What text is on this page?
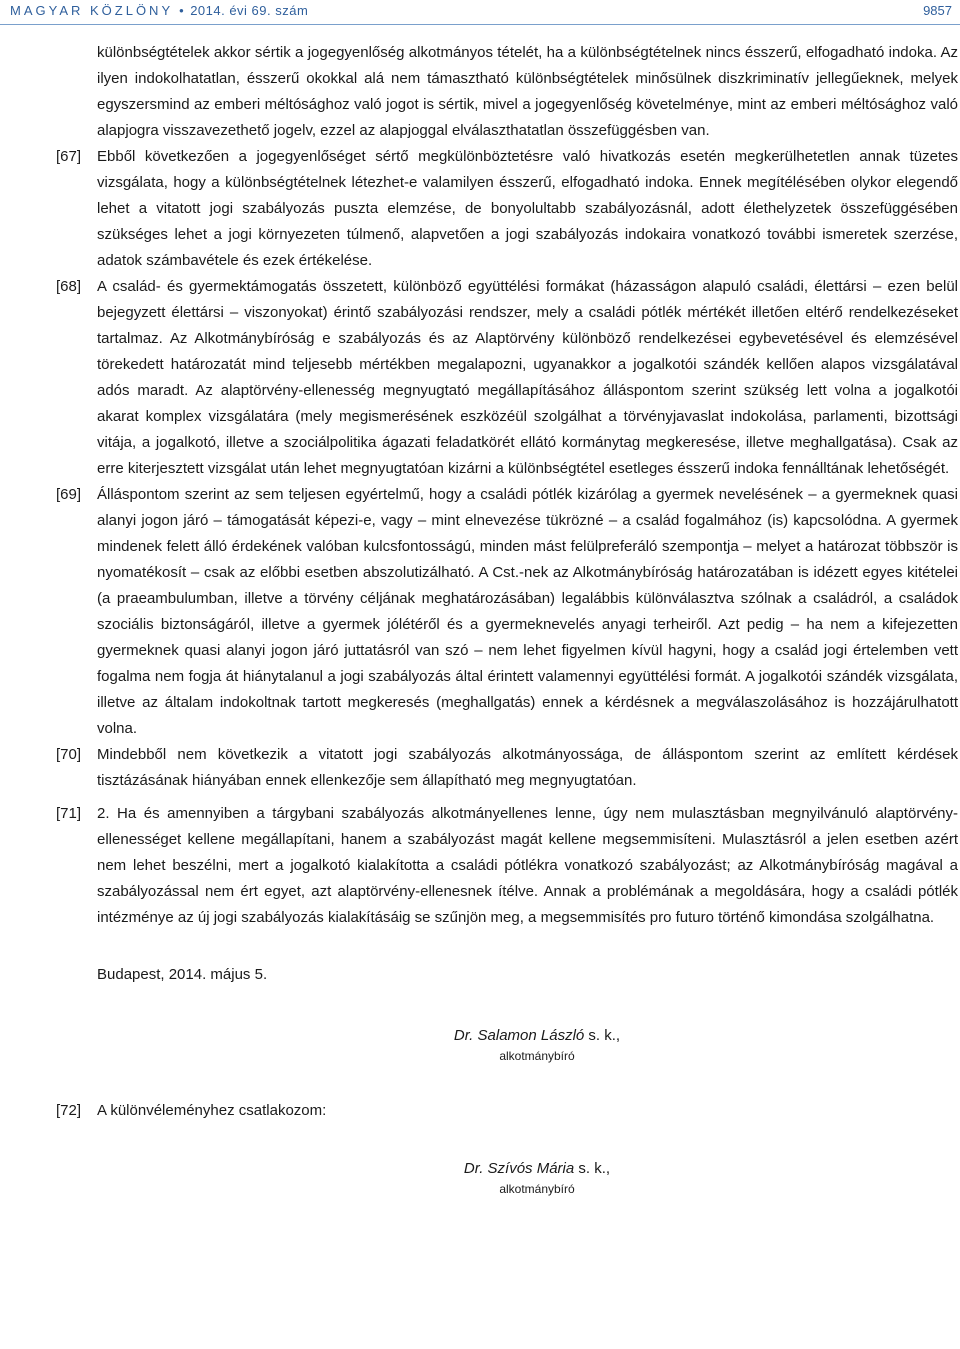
MAGYAR KÖZLÖNY • 2014. évi 69. szám	9857

különbségtételek akkor sértik a jogegyenlőség alkotmányos tételét, ha a különbségtételnek nincs ésszerű, elfogadható indoka. Az ilyen indokolhatatlan, ésszerű okokkal alá nem támasztható különbségtételek minősülnek diszkriminatív jellegűeknek, melyek egyszersmind az emberi méltósághoz való jogot is sértik, mivel a jogegyenlőség követelménye, mint az emberi méltósághoz való alapjogra visszavezethető jogelv, ezzel az alapjoggal elválaszthatatlan összefüggésben van.

[67]	Ebből következően a jogegyenlőséget sértő megkülönböztetésre való hivatkozás esetén megkerülhetetlen annak tüzetes vizsgálata, hogy a különbségtételnek létezhet-e valamilyen ésszerű, elfogadható indoka. Ennek megítélésében olykor elegendő lehet a vitatott jogi szabályozás puszta elemzése, de bonyolultabb szabályozásnál, adott élethelyzetek összefüggésében szükséges lehet a jogi környezeten túlmenő, alapvetően a jogi szabályozás indokaira vonatkozó további ismeretek szerzése, adatok számbavétele és ezek értékelése.

[68]	A család- és gyermektámogatás összetett, különböző együttélési formákat (házasságon alapuló családi, élettársi – ezen belül bejegyzett élettársi – viszonyokat) érintő szabályozási rendszer, mely a családi pótlék mértékét illetően eltérő rendelkezéseket tartalmaz. Az Alkotmánybíróság e szabályozás és az Alaptörvény különböző rendelkezései egybevetésével és elemzésével törekedett határozatát mind teljesebb mértékben megalapozni, ugyanakkor a jogalkotói szándék kellően alapos vizsgálatával adós maradt. Az alaptörvény-ellenesség megnyugtató megállapításához álláspontom szerint szükség lett volna a jogalkotói akarat komplex vizsgálatára (mely megismerésének eszközéül szolgálhat a törvényjavaslat indokolása, parlamenti, bizottsági vitája, a jogalkotó, illetve a szociálpolitika ágazati feladatkörét ellátó kormánytag megkeresése, illetve meghallgatása). Csak az erre kiterjesztett vizsgálat után lehet megnyugtatóan kizárni a különbségtétel esetleges ésszerű indoka fennálltának lehetőségét.

[69]	Álláspontom szerint az sem teljesen egyértelmű, hogy a családi pótlék kizárólag a gyermek nevelésének – a gyermeknek quasi alanyi jogon járó – támogatását képezi-e, vagy – mint elnevezése tükrözné – a család fogalmához (is) kapcsolódna. A gyermek mindenek felett álló érdekének valóban kulcsfontosságú, minden mást felülpreferáló szempontja – melyet a határozat többször is nyomatékosít – csak az előbbi esetben abszolutizálható. A Cst.-nek az Alkotmánybíróság határozatában is idézett egyes kitételei (a praeambulumban, illetve a törvény céljának meghatározásában) legalábbis különválasztva szólnak a családról, a családok szociális biztonságáról, illetve a gyermek jólétéről és a gyermeknevelés anyagi terheiről. Azt pedig – ha nem a kifejezetten gyermeknek quasi alanyi jogon járó juttatásról van szó – nem lehet figyelmen kívül hagyni, hogy a család jogi értelemben vett fogalma nem fogja át hiánytalanul a jogi szabályozás által érintett valamennyi együttélési formát. A jogalkotói szándék vizsgálata, illetve az általam indokoltnak tartott megkeresés (meghallgatás) ennek a kérdésnek a megválaszolásához is hozzájárulhatott volna.

[70]	Mindebből nem következik a vitatott jogi szabályozás alkotmányossága, de álláspontom szerint az említett kérdések tisztázásának hiányában ennek ellenkezője sem állapítható meg megnyugtatóan.

[71]	2. Ha és amennyiben a tárgybani szabályozás alkotmányellenes lenne, úgy nem mulasztásban megnyilvánuló alaptörvény-ellenességet kellene megállapítani, hanem a szabályozást magát kellene megsemmisíteni. Mulasztásról a jelen esetben azért nem lehet beszélni, mert a jogalkotó kialakította a családi pótlékra vonatkozó szabályozást; az Alkotmánybíróság magával a szabályozással nem ért egyet, azt alaptörvény-ellenesnek ítélve. Annak a problémának a megoldására, hogy a családi pótlék intézménye az új jogi szabályozás kialakításáig se szűnjön meg, a megsemmisítés pro futuro történő kimondása szolgálhatna.

Budapest, 2014. május 5.
Dr. Salamon László s. k.,
alkotmánybíró

[72]	A különvéleményhez csatlakozom:

Dr. Szívós Mária s. k.,
alkotmánybíró
